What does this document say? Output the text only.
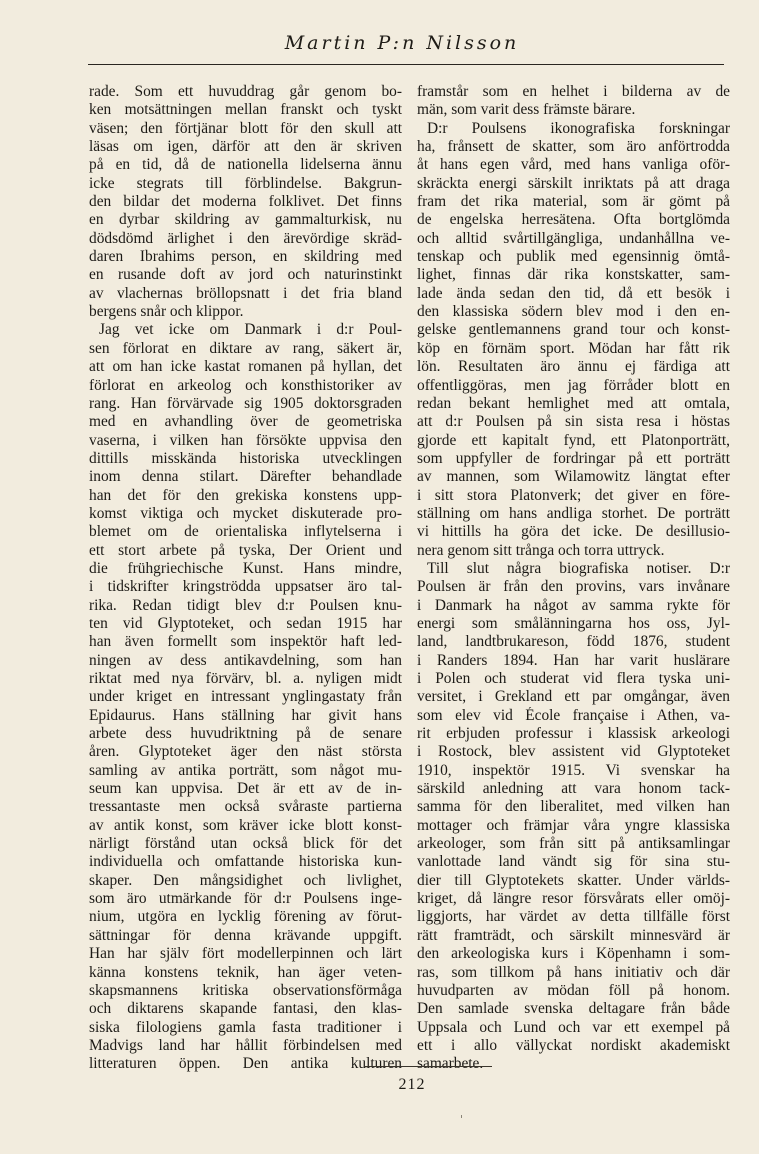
Martin P:n Nilsson
rade. Som ett huvuddrag går genom bo-
ken motsättningen mellan franskt och tyskt
väsen; den förtjänar blott för den skull att
läsas om igen, därför att den är skriven
på en tid, då de nationella lidelserna ännu
icke stegrats till förblindelse. Bakgrun-
den bildar det moderna folklivet. Det finns
en dyrbar skildring av gammalturkisk, nu
dödsdömd ärlighet i den ärevördige skräd-
daren Ibrahims person, en skildring med
en rusande doft av jord och naturinstinkt
av vlachernas bröllopsnatt i det fria bland
bergens snår och klippor.
Jag vet icke om Danmark i d:r Poul-
sen förlorat en diktare av rang, säkert är,
att om han icke kastat romanen på hyllan, det
förlorat en arkeolog och konsthistoriker av
rang. Han förvärvade sig 1905 doktorsgraden
med en avhandling över de geometriska
vaserna, i vilken han försökte uppvisa den
dittills misskända historiska utvecklingen
inom denna stilart. Därefter behandlade
han det för den grekiska konstens upp-
komst viktiga och mycket diskuterade pro-
blemet om de orientaliska inflytelserna i
ett stort arbete på tyska, Der Orient und
die frühgriechische Kunst. Hans mindre,
i tidskrifter kringströdda uppsatser äro tal-
rika. Redan tidigt blev d:r Poulsen knu-
ten vid Glyptoteket, och sedan 1915 har
han även formellt som inspektör haft led-
ningen av dess antikavdelning, som han
riktat med nya förvärv, bl. a. nyligen midt
under kriget en intressant ynglingastaty från
Epidaurus. Hans ställning har givit hans
arbete dess huvudriktning på de senare
åren. Glyptoteket äger den näst största
samling av antika porträtt, som något mu-
seum kan uppvisa. Det är ett av de in-
tressantaste men också svåraste partierna
av antik konst, som kräver icke blott konst-
närligt förstånd utan också blick för det
individuella och omfattande historiska kun-
skaper. Den mångsidighet och livlighet,
som äro utmärkande för d:r Poulsens inge-
nium, utgöra en lycklig förening av förut-
sättningar för denna krävande uppgift.
Han har själv fört modellerpinnen och lärt
känna konstens teknik, han äger veten-
skapsmannens kritiska observationsförmåga
och diktarens skapande fantasi, den klas-
siska filologiens gamla fasta traditioner i
Madvigs land har hållit förbindelsen med
litteraturen öppen. Den antika kulturen
framstår som en helhet i bilderna av de
män, som varit dess främste bärare.
D:r Poulsens ikonografiska forskningar
ha, frånsett de skatter, som äro anförtrodda
åt hans egen vård, med hans vanliga oför-
skräckta energi särskilt inriktats på att draga
fram det rika material, som är gömt på
de engelska herresätena. Ofta bortglömda
och alltid svårtillgängliga, undanhållna ve-
tenskap och publik med egensinnig ömtå-
lighet, finnas där rika konstskatter, sam-
lade ända sedan den tid, då ett besök i
den klassiska södern blev mod i den en-
gelske gentlemannens grand tour och konst-
köp en förnäm sport. Mödan har fått rik
lön. Resultaten äro ännu ej färdiga att
offentliggöras, men jag förråder blott en
redan bekant hemlighet med att omtala,
att d:r Poulsen på sin sista resa i höstas
gjorde ett kapitalt fynd, ett Platonporträtt,
som uppfyller de fordringar på ett porträtt
av mannen, som Wilamowitz längtat efter
i sitt stora Platonverk; det giver en före-
ställning om hans andliga storhet. De porträtt
vi hittills ha göra det icke. De desillusio-
nera genom sitt trånga och torra uttryck.
Till slut några biografiska notiser. D:r
Poulsen är från den provins, vars invånare
i Danmark ha något av samma rykte för
energi som smålänningarna hos oss, Jyl-
land, landtbrukareson, född 1876, student
i Randers 1894. Han har varit huslärare
i Polen och studerat vid flera tyska uni-
versitet, i Grekland ett par omgångar, även
som elev vid École française i Athen, va-
rit erbjuden professur i klassisk arkeologi
i Rostock, blev assistent vid Glyptoteket
1910, inspektör 1915. Vi svenskar ha
särskild anledning att vara honom tack-
samma för den liberalitet, med vilken han
mottager och främjar våra yngre klassiska
arkeologer, som från sitt på antiksamlingar
vanlottade land vändt sig för sina stu-
dier till Glyptotekets skatter. Under världs-
kriget, då längre resor försvårats eller omöj-
liggjorts, har värdet av detta tillfälle först
rätt framträdt, och särskilt minnesvärd är
den arkeologiska kurs i Köpenhamn i som-
ras, som tillkom på hans initiativ och där
huvudparten av mödan föll på honom.
Den samlade svenska deltagare från både
Uppsala och Lund och var ett exempel på
ett i allo vällyckat nordiskt akademiskt
samarbete.
212
